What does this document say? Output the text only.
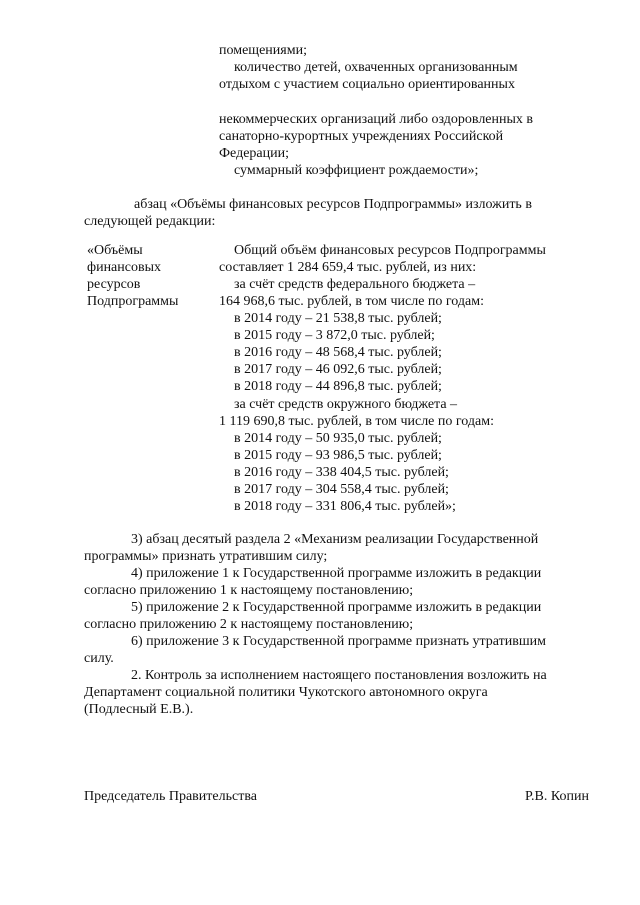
помещениями;
количество детей, охваченных организованным
отдыхом с участием социально ориентированных
некоммерческих организаций либо оздоровленных в
санаторно-курортных учреждениях Российской
Федерации;
суммарный коэффициент рождаемости»;
абзац «Объёмы финансовых ресурсов Подпрограммы» изложить в
следующей редакции:
«Объёмы
финансовых
ресурсов
Подпрограммы
Общий объём финансовых ресурсов Подпрограммы
составляет 1 284 659,4 тыс. рублей, из них:
за счёт средств федерального бюджета –
164 968,6 тыс. рублей, в том числе по годам:
в 2014 году – 21 538,8 тыс. рублей;
в 2015 году – 3 872,0 тыс. рублей;
в 2016 году – 48 568,4 тыс. рублей;
в 2017 году – 46 092,6 тыс. рублей;
в 2018 году – 44 896,8 тыс. рублей;
за счёт средств окружного бюджета –
1 119 690,8 тыс. рублей, в том числе по годам:
в 2014 году – 50 935,0 тыс. рублей;
в 2015 году – 93 986,5 тыс. рублей;
в 2016 году – 338 404,5 тыс. рублей;
в 2017 году – 304 558,4 тыс. рублей;
в 2018 году – 331 806,4 тыс. рублей»;
3) абзац десятый раздела 2 «Механизм реализации Государственной
программы» признать утратившим силу;
4) приложение 1 к Государственной программе изложить в редакции
согласно приложению 1 к настоящему постановлению;
5) приложение 2 к Государственной программе изложить в редакции
согласно приложению 2 к настоящему постановлению;
6) приложение 3 к Государственной программе признать утратившим
силу.
2. Контроль за исполнением настоящего постановления возложить на
Департамент социальной политики Чукотского автономного округа
(Подлесный Е.В.).
Председатель Правительства	Р.В. Копин
